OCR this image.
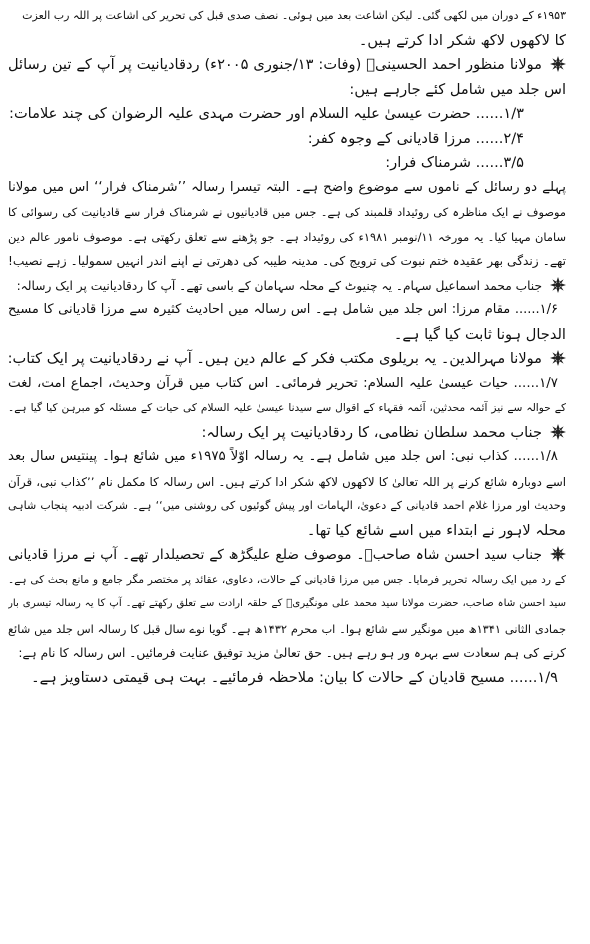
۱۹۵۳ء کے دوران میں لکھی گئی۔ لیکن اشاعت بعد میں ہوئی۔ نصف صدی قبل کی تحریر کی اشاعت پر اللہ رب العزت
کا لاکھوں لاکھ شکر ادا کرتے ہیں۔
مولانا منظور احمد الحسینیؒ (وفات: ۱۳/جنوری ۲۰۰۵ء) ردقادیانیت پر آپ کے تین رسائل
اس جلد میں شامل کئے جارہے ہیں:
۱/۳...... حضرت عیسیٰ علیہ السلام اور حضرت مہدی علیہ الرضوان کی چند علامات:
۲/۴...... مرزا قادیانی کے وجوہ کفر:
۳/۵...... شرمناک فرار:
پہلے دو رسائل کے ناموں سے موضوع واضح ہے۔ البتہ تیسرا رسالہ ’’شرمناک فرار‘‘ اس میں مولانا
موصوف نے ایک مناظرہ کی روئیداد قلمبند کی ہے۔ جس میں قادیانیوں نے شرمناک فرار سے قادیانیت کی رسوائی کا
سامان مہیا کیا۔ یہ مورخہ ۱۱/نومبر ۱۹۸۱ء کی روئیداد ہے۔ جو پڑھنے سے تعلق رکھتی ہے۔ موصوف نامور عالم دین
تھے۔ زندگی بھر عقیدہ ختم نبوت کی ترویج کی۔ مدینہ طیبہ کی دھرتی نے اپنے اندر انہیں سمولیا۔ زہے نصیب!
جناب محمد اسماعیل سہام۔ یہ چنیوٹ کے محلہ سہامان کے باسی تھے۔ آپ کا ردقادیانیت پر ایک رسالہ:
۱/۶...... مقام مرزا: اس جلد میں شامل ہے۔ اس رسالہ میں احادیث کثیرہ سے مرزا قادیانی کا مسیح
الدجال ہونا ثابت کیا گیا ہے۔
مولانا مہرالدین۔ یہ بریلوی مکتب فکر کے عالم دین ہیں۔ آپ نے ردقادیانیت پر ایک کتاب:
۱/۷...... حیات عیسیٰ علیہ السلام: تحریر فرمائی۔ اس کتاب میں قرآن وحدیث، اجماع امت، لغت
کے حوالہ سے نیز آئمہ محدثین، آئمہ فقہاء کے اقوال سے سیدنا عیسیٰ علیہ السلام کی حیات کے مسئلہ کو مبرہن کیا گیا ہے۔
جناب محمد سلطان نظامی، کا ردقادیانیت پر ایک رسالہ:
۱/۸...... کذاب نبی: اس جلد میں شامل ہے۔ یہ رسالہ اوّلاً ۱۹۷۵ء میں شائع ہوا۔ پینتیس سال بعد
اسے دوبارہ شائع کرنے پر اللہ تعالیٰ کا لاکھوں لاکھ شکر ادا کرتے ہیں۔ اس رسالہ کا مکمل نام ’’کذاب نبی، قرآن
وحدیث اور مرزا غلام احمد قادیانی کے دعویٰ، الہامات اور پیش گوئیوں کی روشنی میں‘‘ ہے۔ شرکت ادبیہ پنجاب شاہی
محلہ لاہور نے ابتداء میں اسے شائع کیا تھا۔
جناب سید احسن شاہ صاحبؒ۔ موصوف ضلع علیگڑھ کے تحصیلدار تھے۔ آپ نے مرزا قادیانی
کے رد میں ایک رسالہ تحریر فرمایا۔ جس میں مرزا قادیانی کے حالات، دعاوی، عقائد پر مختصر مگر جامع و مانع بحث کی ہے۔
سید احسن شاہ صاحب، حضرت مولانا سید محمد علی مونگیریؒ کے حلقہ ارادت سے تعلق رکھتے تھے۔ آپ کا یہ رسالہ تیسری بار
جمادی الثانی ۱۳۴۱ھ میں مونگیر سے شائع ہوا۔ اب محرم ۱۴۳۲ھ ہے۔ گویا نوے سال قبل کا رسالہ اس جلد میں شائع
کرنے کی ہم سعادت سے بہرہ ور ہو رہے ہیں۔ حق تعالیٰ مزید توفیق عنایت فرمائیں۔ اس رسالہ کا نام ہے:
۱/۹...... مسیح قادیان کے حالات کا بیان: ملاحظہ فرمائیے۔ بہت ہی قیمتی دستاویز ہے۔
